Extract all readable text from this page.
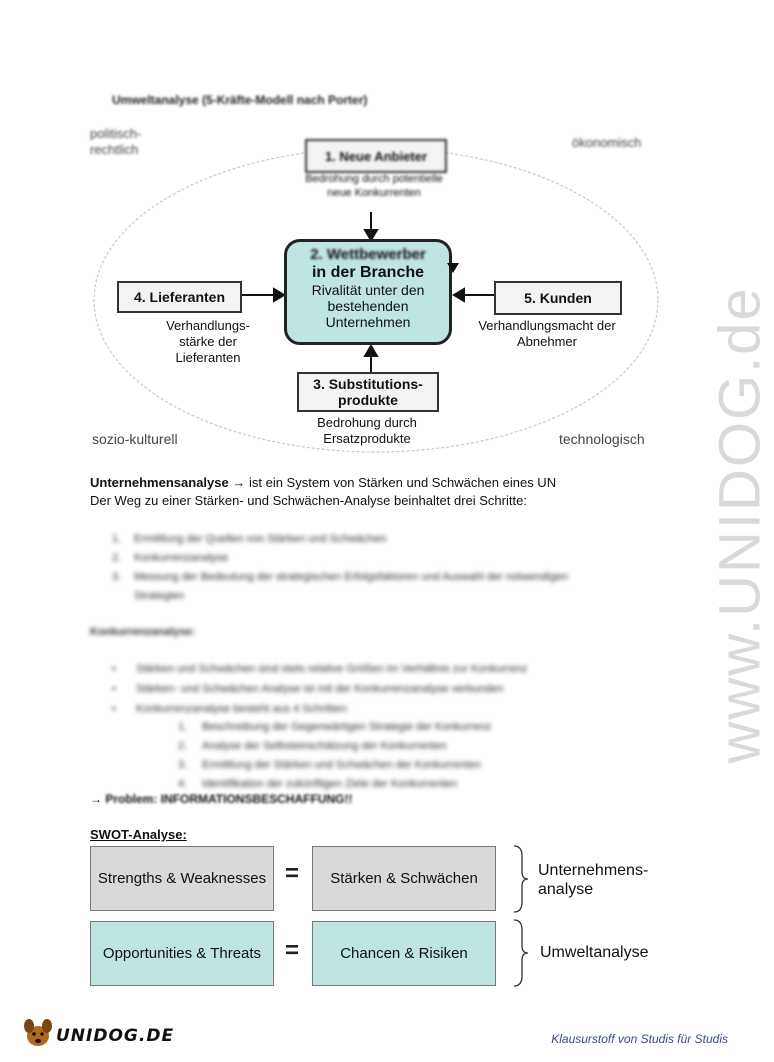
www.UNIDOG.de
Umweltanalyse (5-Kräfte-Modell nach Porter)
politisch-rechtlich	ökonomisch
sozio-kulturell	technologisch
1. Neue Anbieter
Bedrohung durch potentielle neue Konkurrenten
2. Wettbewerber
in der Branche
Rivalität unter den bestehenden Unternehmen
4. Lieferanten
Verhandlungs-stärke der Lieferanten
5. Kunden
Verhandlungsmacht der Abnehmer
3. Substitutions-
produkte
Bedrohung durch Ersatzprodukte
Unternehmensanalyse → ist ein System von Stärken und Schwächen eines UN
Der Weg zu einer Stärken- und Schwächen-Analyse beinhaltet drei Schritte:
1. Ermittlung der Quellen von Stärken und Schwächen
2. Konkurrenzanalyse
3.	Messung der Bedeutung der strategischen Erfolgsfaktoren und Auswahl der notwendigen Strategien
Konkurrenzanalyse:
• Stärken und Schwächen sind stets relative Größen im Verhältnis zur Konkurrenz
• Stärken- und Schwächen Analyse ist mit der Konkurrenzanalyse verbunden
• Konkurrenzanalyse besteht aus 4 Schritten:
1. Beschreibung der Gegenwärtigen Strategie der Konkurrenz
2. Analyse der Selbsteinschätzung der Konkurrenten
3. Ermittlung der Stärken und Schwächen der Konkurrenten
4. Identifikation der zukünftigen Ziele der Konkurrenten
→ Problem: INFORMATIONSBESCHAFFUNG!!
SWOT-Analyse:
Strengths & Weaknesses = Stärken & Schwächen	Unternehmens-
analyse
Opportunities & Threats =	Chancen & Risiken	Umweltanalyse
UNIDOG.DE	Klausurstoff von Studis für Studis
